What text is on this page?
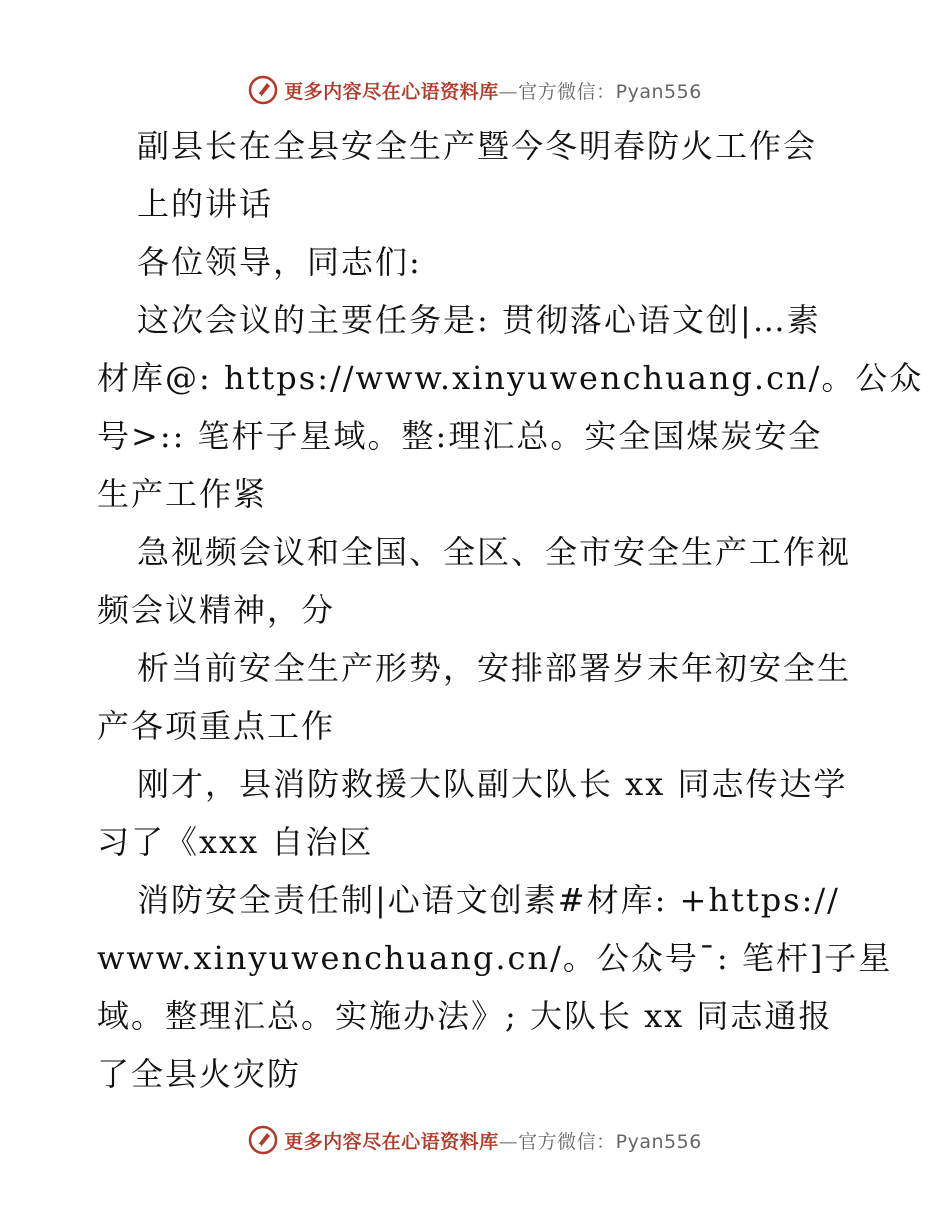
更多内容尽在心语资料库—官方微信：Pyan556
副县长在全县安全生产暨今冬明春防火工作会
上的讲话
各位领导，同志们:
这次会议的主要任务是: 贯彻落心语文创|…素
材库@: https://www.xinyuwenchuang.cn/。公众
号>:: 笔杆子星域。整:理汇总。实全国煤炭安全
生产工作紧
急视频会议和全国、全区、全市安全生产工作视
频会议精神，分
析当前安全生产形势，安排部署岁末年初安全生
产各项重点工作
刚才，县消防救援大队副大队长 xx 同志传达学
习了《xxx 自治区
消防安全责任制|心语文创素#材库: +https://
www.xinyuwenchuang.cn/。公众号¯: 笔杆]子星
域。整理汇总。实施办法》; 大队长 xx 同志通报
了全县火灾防
更多内容尽在心语资料库—官方微信：Pyan556
